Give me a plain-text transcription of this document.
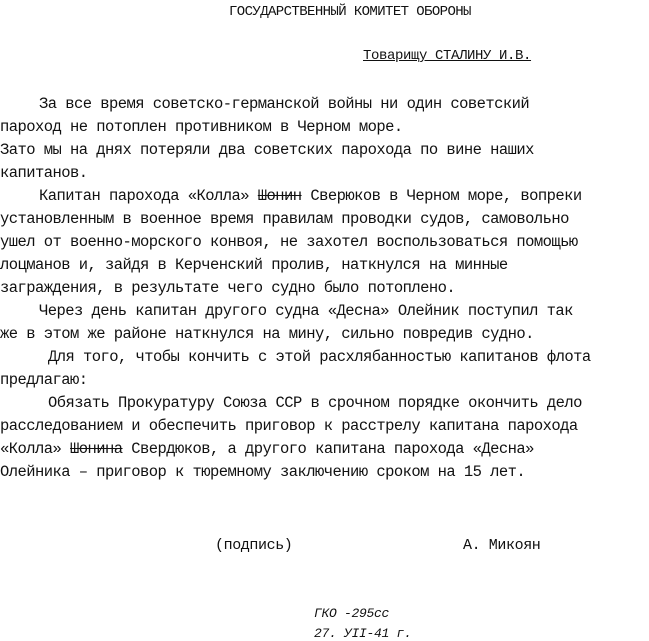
ГОСУДАРСТВЕННЫЙ КОМИТЕТ ОБОРОНЫ
Товарищу СТАЛИНУ И.В.
За все время советско-германской войны ни один советский
пароход не потоплен противником в Черном море.
Зато мы на днях потеряли два советских парохода по вине наших
капитанов.
Капитан парохода «Колла» Шонин Сверюков в Черном море, вопреки
установленным в военное время правилам проводки судов, самовольно
ушел от военно-морского конвоя, не захотел воспользоваться помощью
лоцманов и, зайдя в Керченский пролив, наткнулся на минные
заграждения, в результате чего судно было потоплено.
Через день капитан другого судна «Десна» Олейник поступил так
же в этом же районе наткнулся на мину, сильно повредив судно.
Для того, чтобы кончить с этой расхлябанностью капитанов флота
предлагаю:
Обязать Прокуратуру Союза ССР в срочном порядке окончить дело
расследованием и обеспечить приговор к расстрелу капитана парохода
«Колла» Шонина Свердюков, а другого капитана парохода «Десна»
Олейника – приговор к тюремному заключению сроком на 15 лет.
(подпись)	А. Микоян
ГКО -295сс
27. УII-41 г.
